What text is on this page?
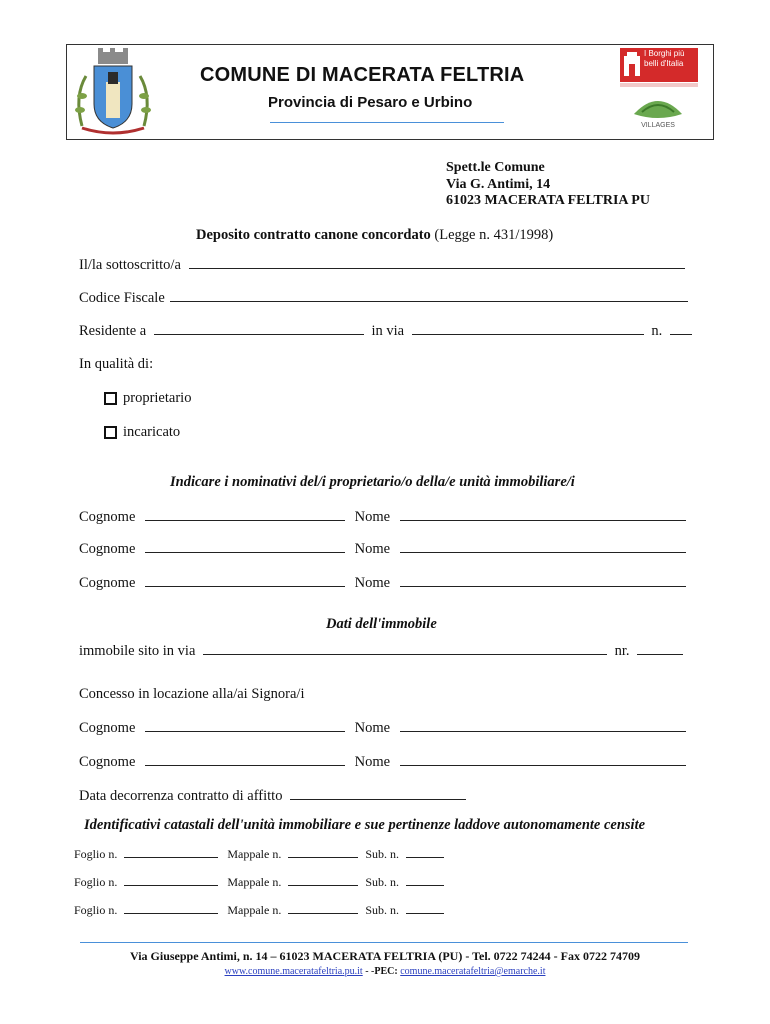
COMUNE DI MACERATA FELTRIA
Provincia di Pesaro e Urbino
I Borghi più belli d'Italia
VILLAGES
Spett.le Comune
Via G. Antimi, 14
61023 MACERATA FELTRIA PU
Deposito contratto canone concordato (Legge n. 431/1998)
Il/la sottoscritto/a
Codice Fiscale
Residente a	in via	n.
In qualità di:
proprietario
incaricato
Indicare i nominativi del/i proprietario/o della/e unità immobiliare/i
Cognome	Nome
Cognome	Nome
Cognome	Nome
Dati dell'immobile
immobile sito in via	nr.
Concesso in locazione alla/ai Signora/i
Cognome	Nome
Cognome	Nome
Data decorrenza contratto di affitto
Identificativi catastali dell'unità immobiliare e sue pertinenze laddove autonomamente censite
Foglio n.	Mappale n.	Sub. n.
Foglio n.	Mappale n.	Sub. n.
Foglio n.	Mappale n.	Sub. n.
Via Giuseppe Antimi, n. 14 – 61023 MACERATA FELTRIA (PU) - Tel. 0722 74244 - Fax 0722 74709
www.comune.maceratafeltria.pu.it - -PEC: comune.maceratafeltria@emarche.it
